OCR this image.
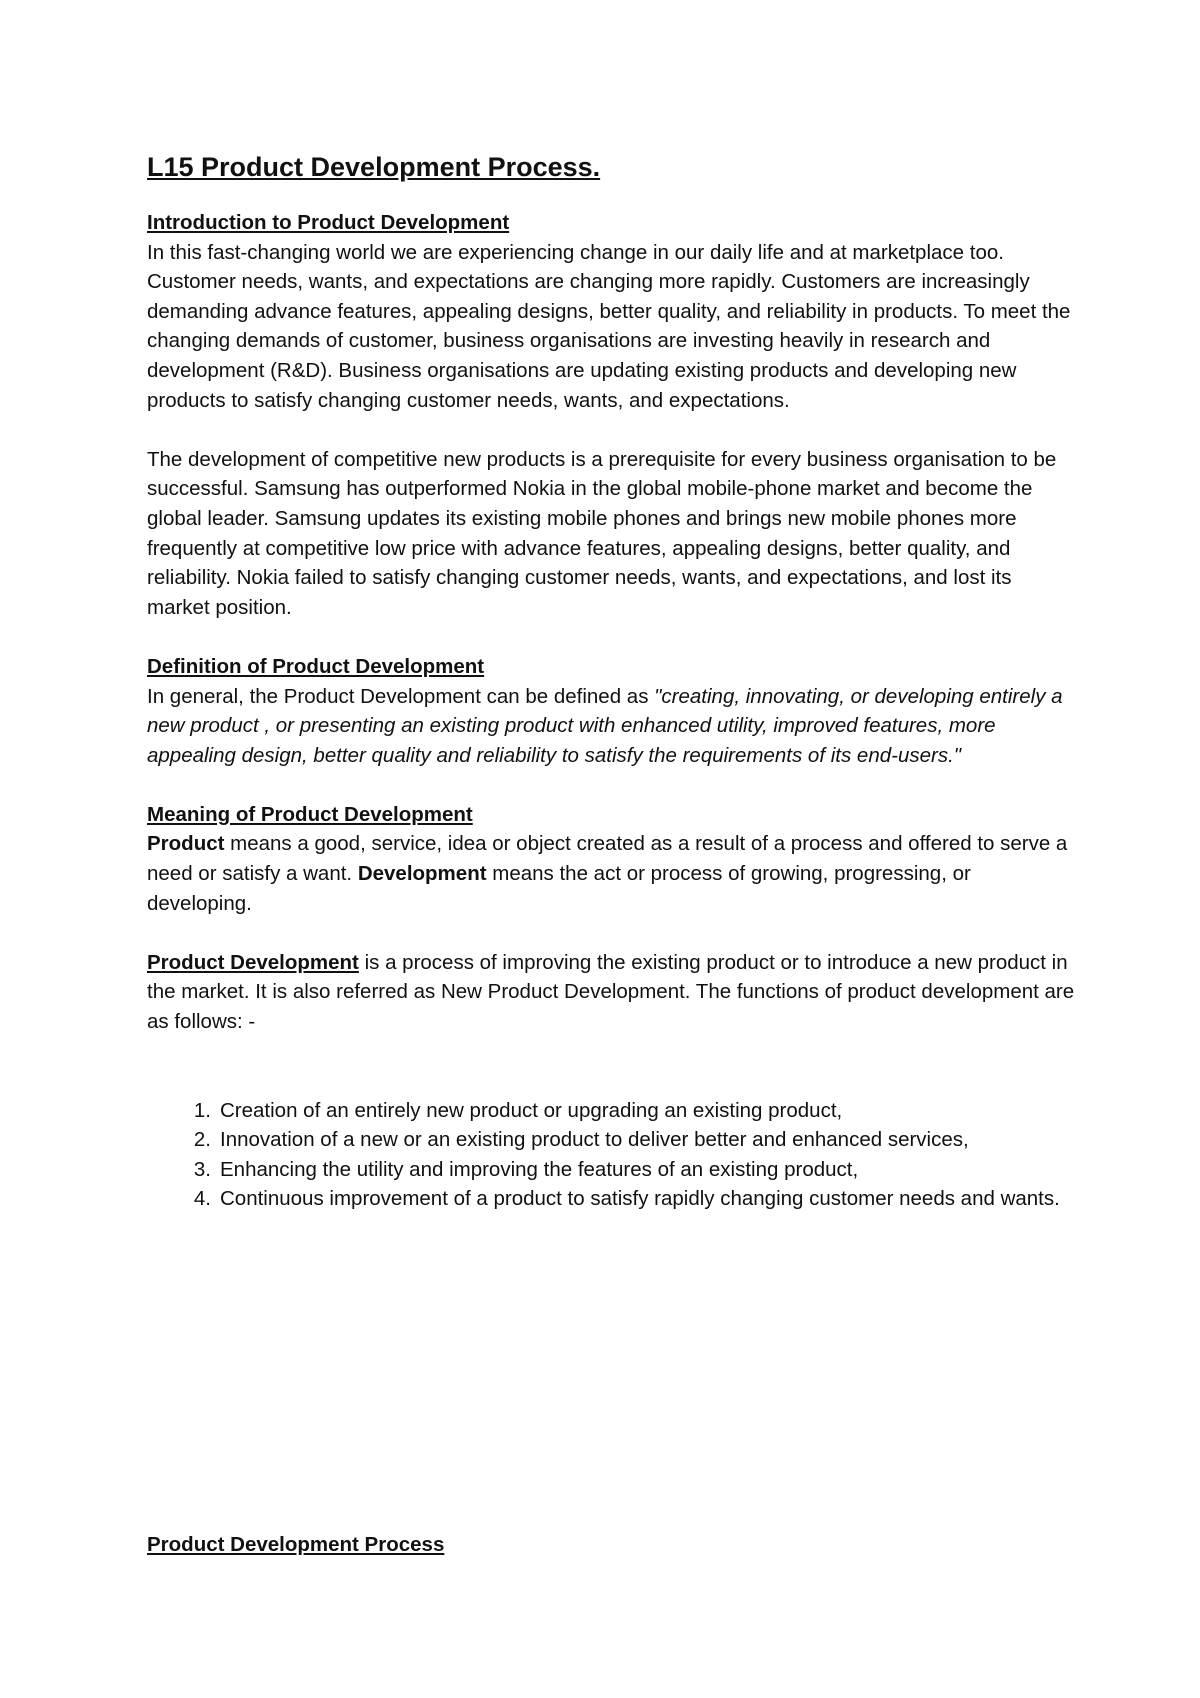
L15 Product Development Process.
Introduction to Product Development

In this fast-changing world we are experiencing change in our daily life and at marketplace too. Customer needs, wants, and expectations are changing more rapidly. Customers are increasingly demanding advance features, appealing designs, better quality, and reliability in products. To meet the changing demands of customer, business organisations are investing heavily in research and development (R&D). Business organisations are updating existing products and developing new products to satisfy changing customer needs, wants, and expectations.

The development of competitive new products is a prerequisite for every business organisation to be successful. Samsung has outperformed Nokia in the global mobile-phone market and become the global leader. Samsung updates its existing mobile phones and brings new mobile phones more frequently at competitive low price with advance features, appealing designs, better quality, and reliability. Nokia failed to satisfy changing customer needs, wants, and expectations, and lost its market position.

Definition of Product Development

In general, the Product Development can be defined as "creating, innovating, or developing entirely a new product , or presenting an existing product with enhanced utility, improved features, more appealing design, better quality and reliability to satisfy the requirements of its end-users."

Meaning of Product Development

Product means a good, service, idea or object created as a result of a process and offered to serve a need or satisfy a want. Development means the act or process of growing, progressing, or developing.

Product Development is a process of improving the existing product or to introduce a new product in the market. It is also referred as New Product Development. The functions of product development are as follows: -

1. Creation of an entirely new product or upgrading an existing product,
2. Innovation of a new or an existing product to deliver better and enhanced services,
3. Enhancing the utility and improving the features of an existing product,
4. Continuous improvement of a product to satisfy rapidly changing customer needs and wants.
Product Development Process
